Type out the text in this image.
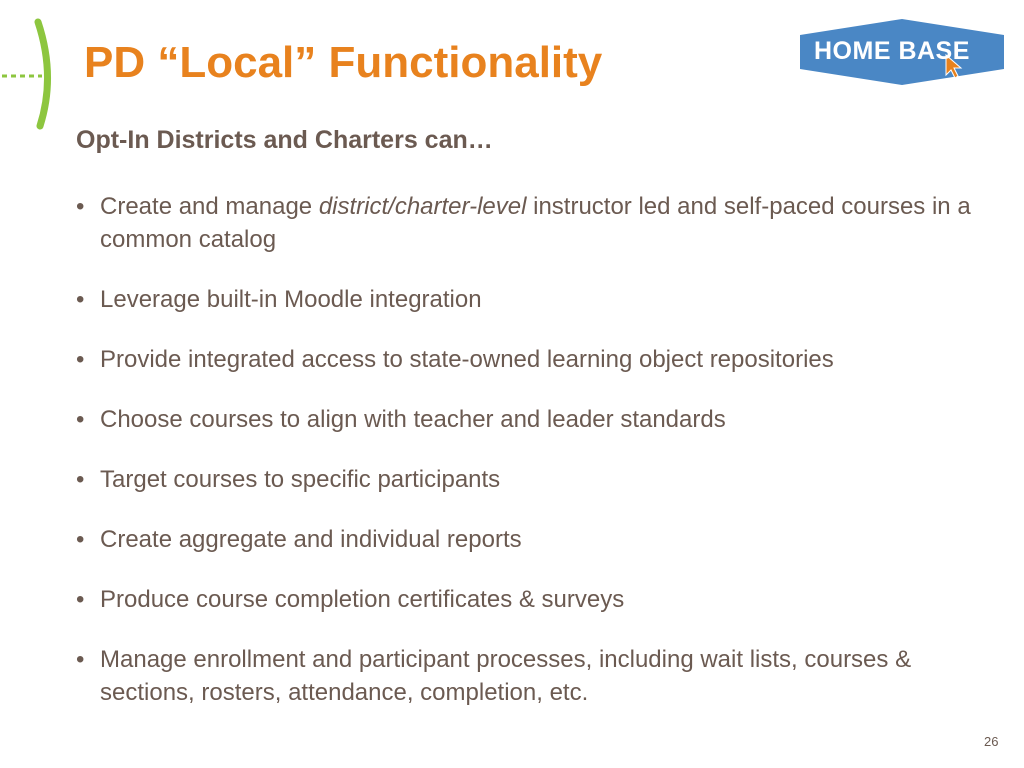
PD “Local” Functionality	HOME BASE
Opt-In Districts and Charters can…
• Create and manage district/charter-level instructor led and self-paced courses in a common catalog
• Leverage built-in Moodle integration
• Provide integrated access to state-owned learning object repositories
• Choose courses to align with teacher and leader standards
• Target courses to specific participants
• Create aggregate and individual reports
• Produce course completion certificates & surveys
• Manage enrollment and participant processes, including wait lists, courses & sections, rosters, attendance, completion, etc.
26
